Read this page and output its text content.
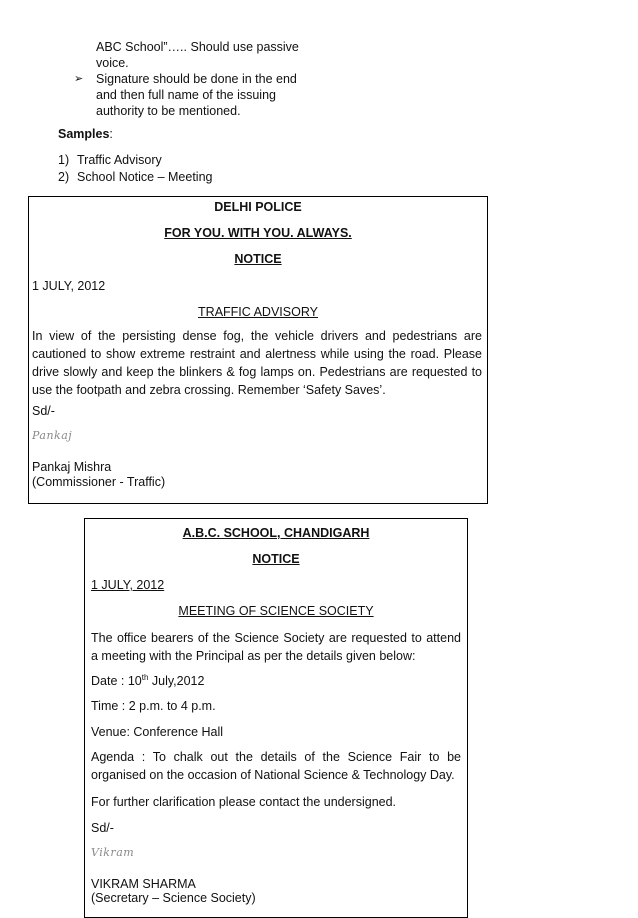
ABC School”….. Should use passive
voice.
➢ Signature should be done in the end
and then full name of the issuing
authority to be mentioned.
Samples:
1) Traffic Advisory
2) School Notice – Meeting
DELHI POLICE
FOR YOU. WITH YOU. ALWAYS.
NOTICE
1 JULY, 2012
TRAFFIC ADVISORY
In view of the persisting dense fog, the vehicle drivers and pedestrians are cautioned to show extreme restraint and alertness while using the road. Please drive slowly and keep the blinkers & fog lamps on. Pedestrians are requested to use the footpath and zebra crossing. Remember ‘Safety Saves’.
Sd/-
Pankaj
Pankaj Mishra
(Commissioner - Traffic)
A.B.C. SCHOOL, CHANDIGARH
NOTICE
1 JULY, 2012
MEETING OF SCIENCE SOCIETY
The office bearers of the Science Society are requested to attend a meeting with the Principal as per the details given below:
Date : 10th July,2012
Time : 2 p.m. to 4 p.m.
Venue: Conference Hall
Agenda : To chalk out the details of the Science Fair to be organised on the occasion of National Science & Technology Day.
For further clarification please contact the undersigned.
Sd/-
Vikram
VIKRAM SHARMA
(Secretary – Science Society)
